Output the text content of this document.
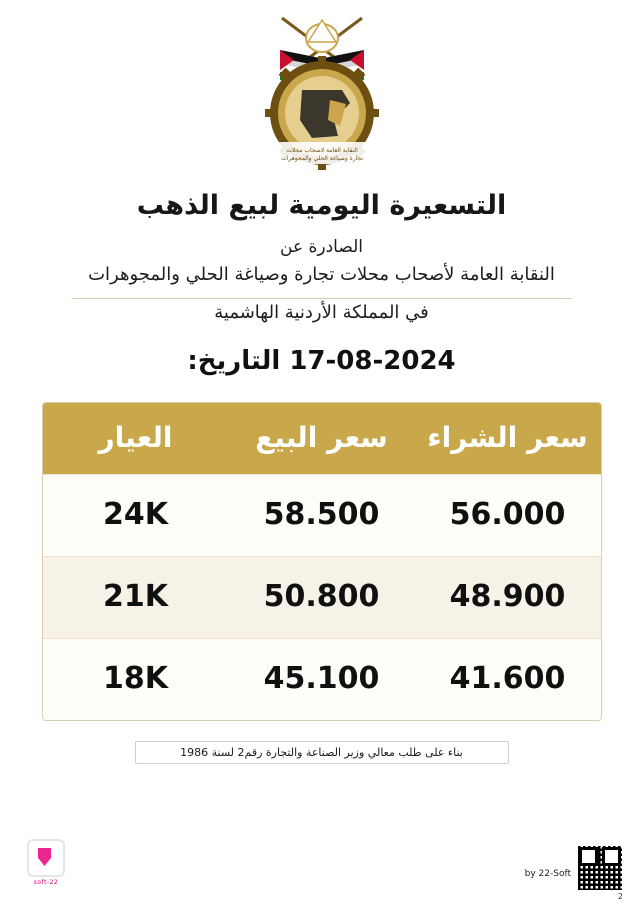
النقابة العامة لاصحاب محلات
تجارة وصياغة الحلي والمجوهرات
التسعيرة اليومية لبيع الذهب
الصادرة عن
النقابة العامة لأصحاب محلات تجارة وصياغة الحلي والمجوهرات
في المملكة الأردنية الهاشمية
17-08-2024 التاريخ:
سعر الشراء	سعر البيع	العيار
56.000	58.500	24K
48.900	50.800	21K
41.600	45.100	18K
بناء على طلب معالي وزير الصناعة والتجارة رقم2 لسنة 1986
22-soft
by 22-Soft
2
